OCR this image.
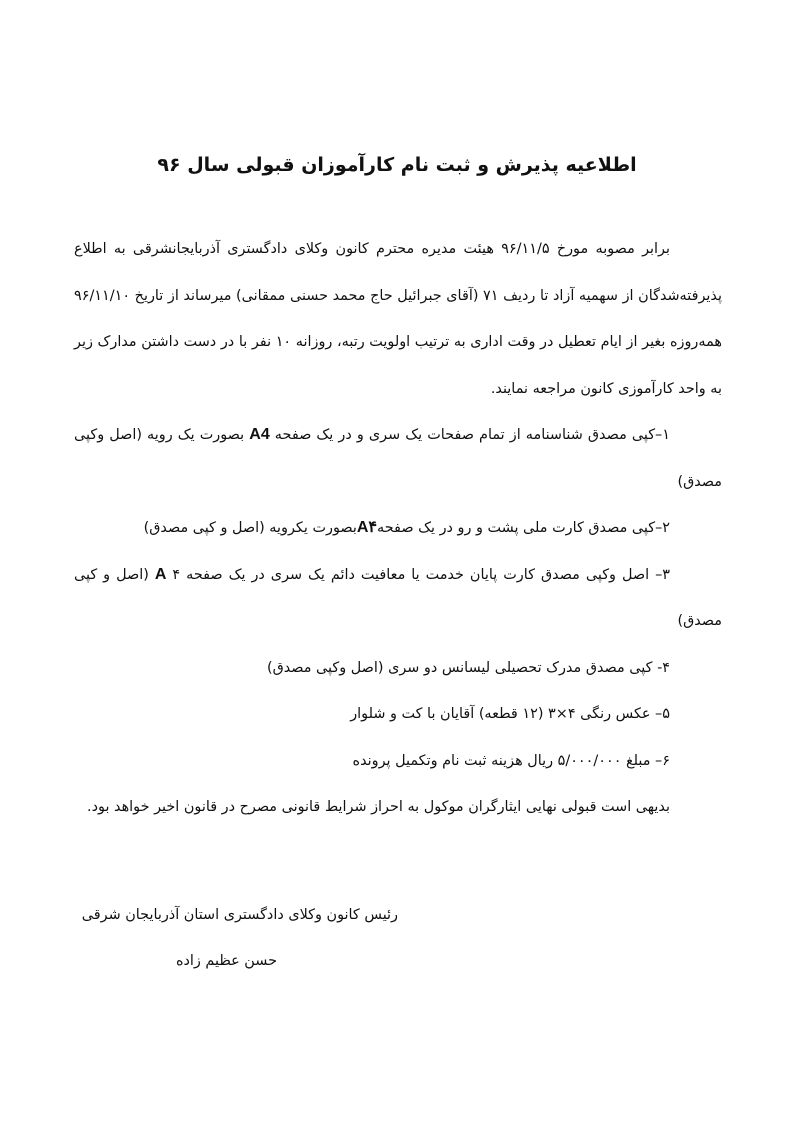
اطلاعیه پذیرش و ثبت نام کارآموزان قبولی سال ۹۶

برابر مصوبه مورخ ۹۶/۱۱/۵ هیئت مدیره محترم کانون وکلای دادگستری آذربایجانشرقی به اطلاع پذیرفته‌شدگان از سهمیه آزاد تا ردیف ۷۱ (آقای جبرائیل حاج محمد حسنی ممقانی) میرساند از تاریخ ۹۶/۱۱/۱۰ همه‌روزه بغیر از ایام تعطیل در وقت اداری به ترتیب اولویت رتبه، روزانه ۱۰ نفر با در دست داشتن مدارک زیر به واحد کارآموزی کانون مراجعه نمایند.

۱–کپی مصدق شناسنامه از تمام صفحات یک سری و در یک صفحه A4 بصورت یک رویه (اصل وکپی مصدق)

۲–کپی مصدق کارت ملی پشت و رو در یک صفحهA۴بصورت یکرویه (اصل و کپی مصدق)

۳– اصل وکپی مصدق کارت پایان خدمت یا معافیت دائم یک سری در یک صفحه ۴ A (اصل و کپی مصدق)

۴- کپی مصدق مدرک تحصیلی لیسانس دو سری (اصل وکپی مصدق)

۵– عکس رنگی ۴×۳ (۱۲ قطعه) آقایان با کت و شلوار

۶– مبلغ ۵/۰۰۰/۰۰۰ ریال هزینه ثبت نام وتکمیل پرونده

بدیهی است قبولی نهایی ایثارگران موکول به احراز شرایط قانونی مصرح در قانون اخیر خواهد بود.

رئیس کانون وکلای دادگستری استان آذربایجان شرقی

حسن عظیم زاده
